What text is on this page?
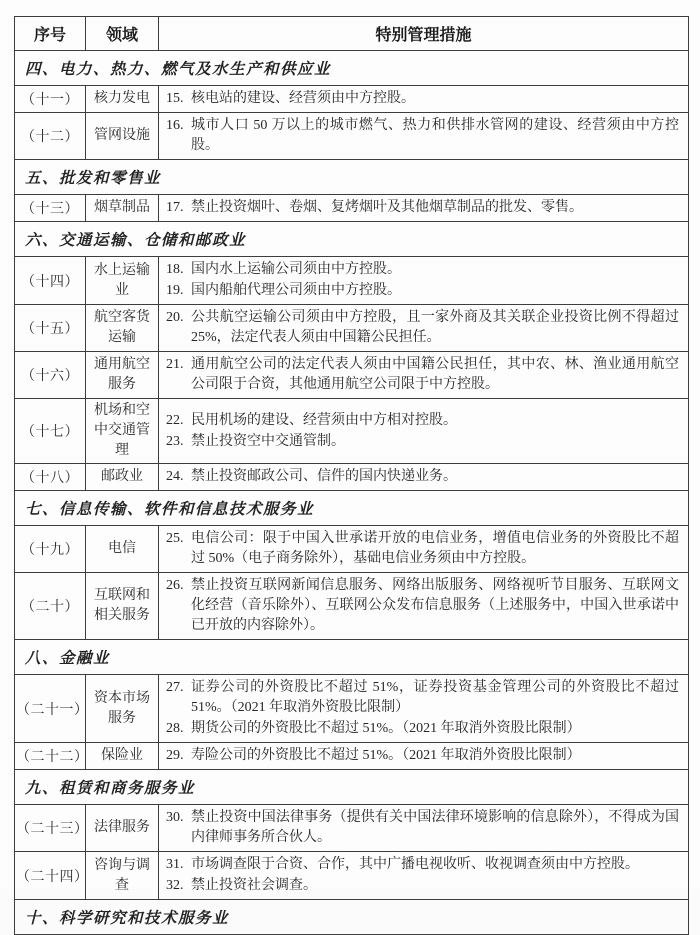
序号	领域	特别管理措施
四、电力、热力、燃气及水生产和供应业		
（十一）	核力发电	15. 核电站的建设、经营须由中方控股。

（十二）	管网设施	16. 城市人口 50 万以上的城市燃气、热力和供排水管网的建设、经营须由中方控股。

五、批发和零售业		
（十三）	烟草制品	17. 禁止投资烟叶、卷烟、复烤烟叶及其他烟草制品的批发、零售。

六、交通运输、仓储和邮政业		
（十四）	水上运输业	18. 国内水上运输公司须由中方控股。
19. 国内船舶代理公司须由中方控股。

（十五）	航空客货运输	20. 公共航空运输公司须由中方控股，且一家外商及其关联企业投资比例不得超过 25%，法定代表人须由中国籍公民担任。

（十六）	通用航空服务	21. 通用航空公司的法定代表人须由中国籍公民担任，其中农、林、渔业通用航空公司限于合资，其他通用航空公司限于中方控股。

（十七）	机场和空中交通管理	22. 民用机场的建设、经营须由中方相对控股。
23. 禁止投资空中交通管制。

（十八）	邮政业	24. 禁止投资邮政公司、信件的国内快递业务。

七、信息传输、软件和信息技术服务业		
（十九）	电信	25. 电信公司：限于中国入世承诺开放的电信业务，增值电信业务的外资股比不超过 50%（电子商务除外），基础电信业务须由中方控股。

（二十）	互联网和相关服务	26. 禁止投资互联网新闻信息服务、网络出版服务、网络视听节目服务、互联网文化经营（音乐除外）、互联网公众发布信息服务（上述服务中，中国入世承诺中已开放的内容除外）。

八、金融业		
（二十一）	资本市场服务	27. 证券公司的外资股比不超过 51%，证券投资基金管理公司的外资股比不超过 51%。（2021 年取消外资股比限制）
28. 期货公司的外资股比不超过 51%。（2021 年取消外资股比限制）

（二十二）	保险业	29. 寿险公司的外资股比不超过 51%。（2021 年取消外资股比限制）

九、租赁和商务服务业		
（二十三）	法律服务	30. 禁止投资中国法律事务（提供有关中国法律环境影响的信息除外），不得成为国内律师事务所合伙人。

（二十四）	咨询与调查	31. 市场调查限于合资、合作，其中广播电视收听、收视调查须由中方控股。
32. 禁止投资社会调查。

十、科学研究和技术服务业		
